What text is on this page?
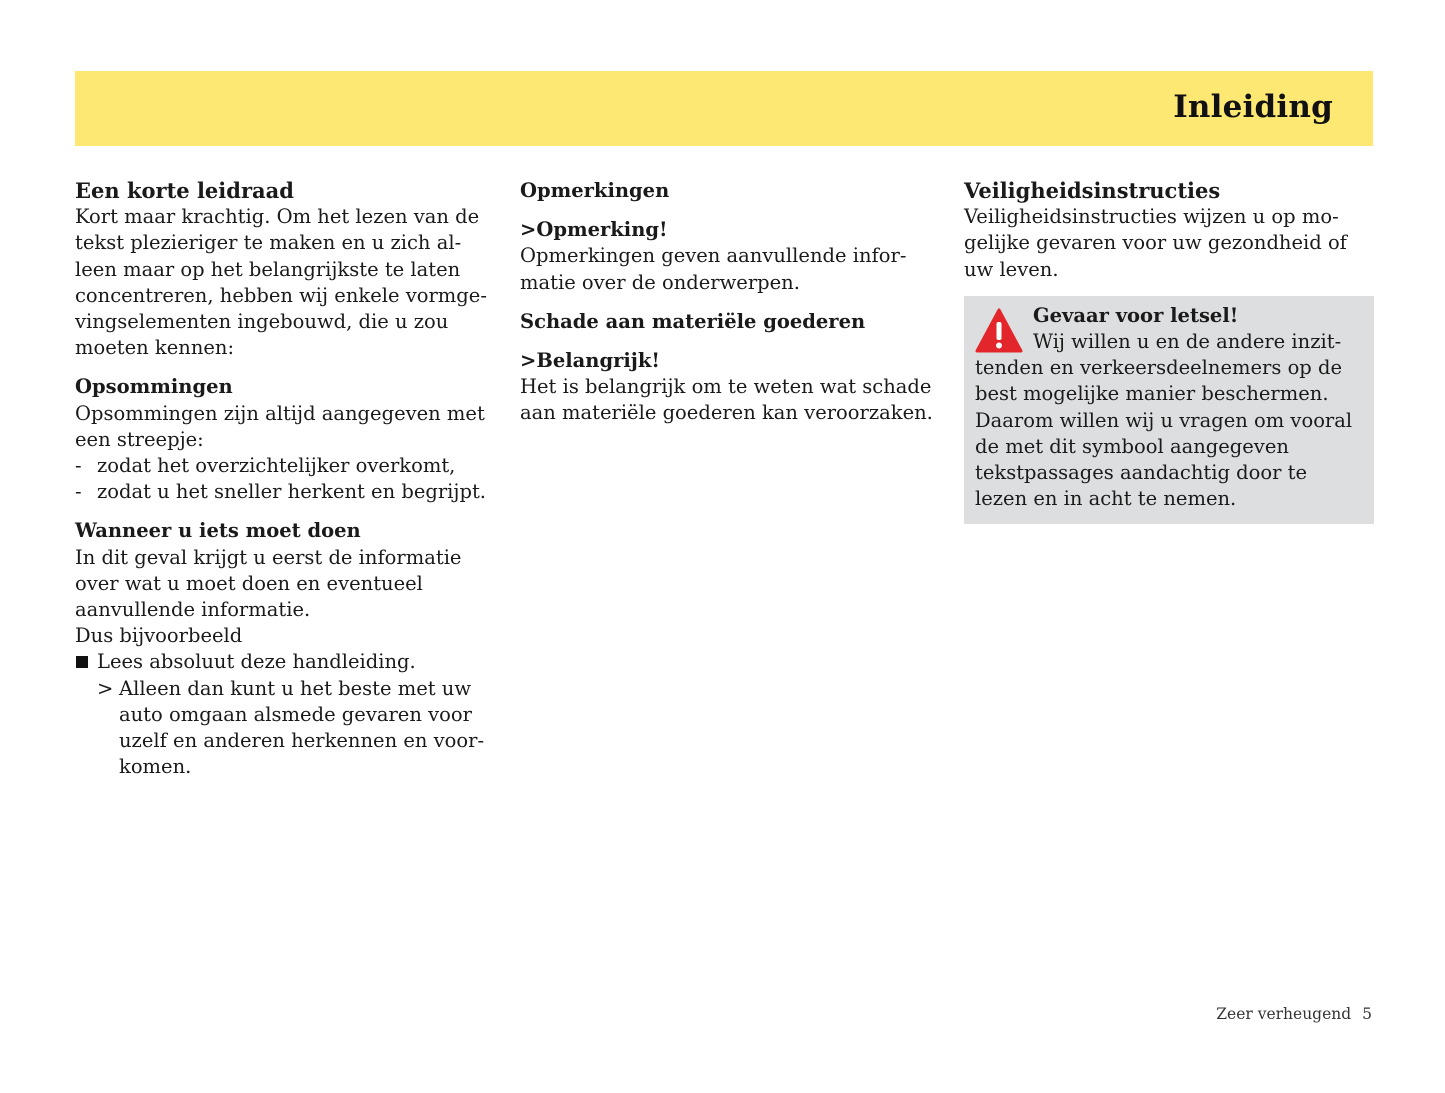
Inleiding
Een korte leidraad

Kort maar krachtig. Om het lezen van de tekst plezieriger te maken en u zich alleen maar op het belangrijkste te laten concentreren, hebben wij enkele vormgevingselementen ingebouwd, die u zou moeten kennen:

Opsommingen

Opsommingen zijn altijd aangegeven met een streepje:

- zodat het overzichtelijker overkomt,
- zodat u het sneller herkent en begrijpt.
Wanneer u iets moet doen

In dit geval krijgt u eerst de informatie over wat u moet doen en eventueel aanvullende informatie.

Dus bijvoorbeeld

Lees absoluut deze handleiding.
> Alleen dan kunt u het beste met uw auto omgaan alsmede gevaren voor uzelf en anderen herkennen en voorkomen.
Opmerkingen
>Opmerking!

Opmerkingen geven aanvullende informatie over de onderwerpen.

Schade aan materiële goederen
>Belangrijk!

Het is belangrijk om te weten wat schade aan materiële goederen kan veroorzaken.

Veiligheidsinstructies

Veiligheidsinstructies wijzen u op mogelijke gevaren voor uw gezondheid of uw leven.

Gevaar voor letsel!

Wij willen u en de andere inzittenden en verkeersdeelnemers op de best mogelijke manier beschermen. Daarom willen wij u vragen om vooral de met dit symbool aangegeven tekstpassages aandachtig door te lezen en in acht te nemen.

Zeer verheugend 5
